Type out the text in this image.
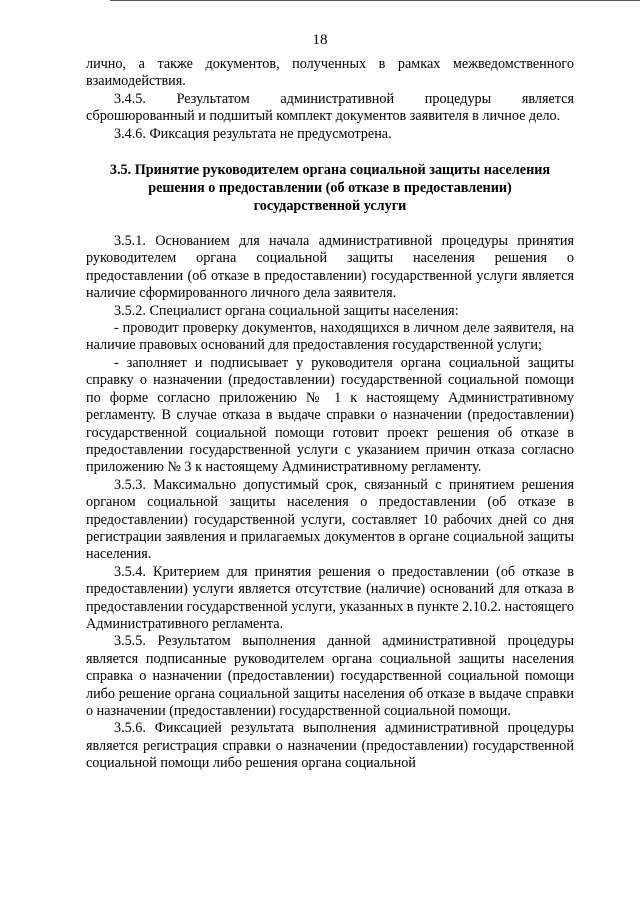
18

лично, а также документов, полученных в рамках межведомственного взаимодействия.

3.4.5. Результатом административной процедуры является сброшюрованный и подшитый комплект документов заявителя в личное дело.

3.4.6. Фиксация результата не предусмотрена.

3.5. Принятие руководителем органа социальной защиты населения решения о предоставлении (об отказе в предоставлении) государственной услуги

3.5.1. Основанием для начала административной процедуры принятия руководителем органа социальной защиты населения решения о предоставлении (об отказе в предоставлении) государственной услуги является наличие сформированного личного дела заявителя.

3.5.2. Специалист органа социальной защиты населения:

- проводит проверку документов, находящихся в личном деле заявителя, на наличие правовых оснований для предоставления государственной услуги;

- заполняет и подписывает у руководителя органа социальной защиты справку о назначении (предоставлении) государственной социальной помощи по форме согласно приложению № 1 к настоящему Административному регламенту. В случае отказа в выдаче справки о назначении (предоставлении) государственной социальной помощи готовит проект решения об отказе в предоставлении государственной услуги с указанием причин отказа согласно приложению № 3 к настоящему Административному регламенту.

3.5.3. Максимально допустимый срок, связанный с принятием решения органом социальной защиты населения о предоставлении (об отказе в предоставлении) государственной услуги, составляет 10 рабочих дней со дня регистрации заявления и прилагаемых документов в органе социальной защиты населения.

3.5.4. Критерием для принятия решения о предоставлении (об отказе в предоставлении) услуги является отсутствие (наличие) оснований для отказа в предоставлении государственной услуги, указанных в пункте 2.10.2. настоящего Административного регламента.

3.5.5. Результатом выполнения данной административной процедуры является подписанные руководителем органа социальной защиты населения справка о назначении (предоставлении) государственной социальной помощи либо решение органа социальной защиты населения об отказе в выдаче справки о назначении (предоставлении) государственной социальной помощи.

3.5.6. Фиксацией результата выполнения административной процедуры является регистрация справки о назначении (предоставлении) государственной социальной помощи либо решения органа социальной
